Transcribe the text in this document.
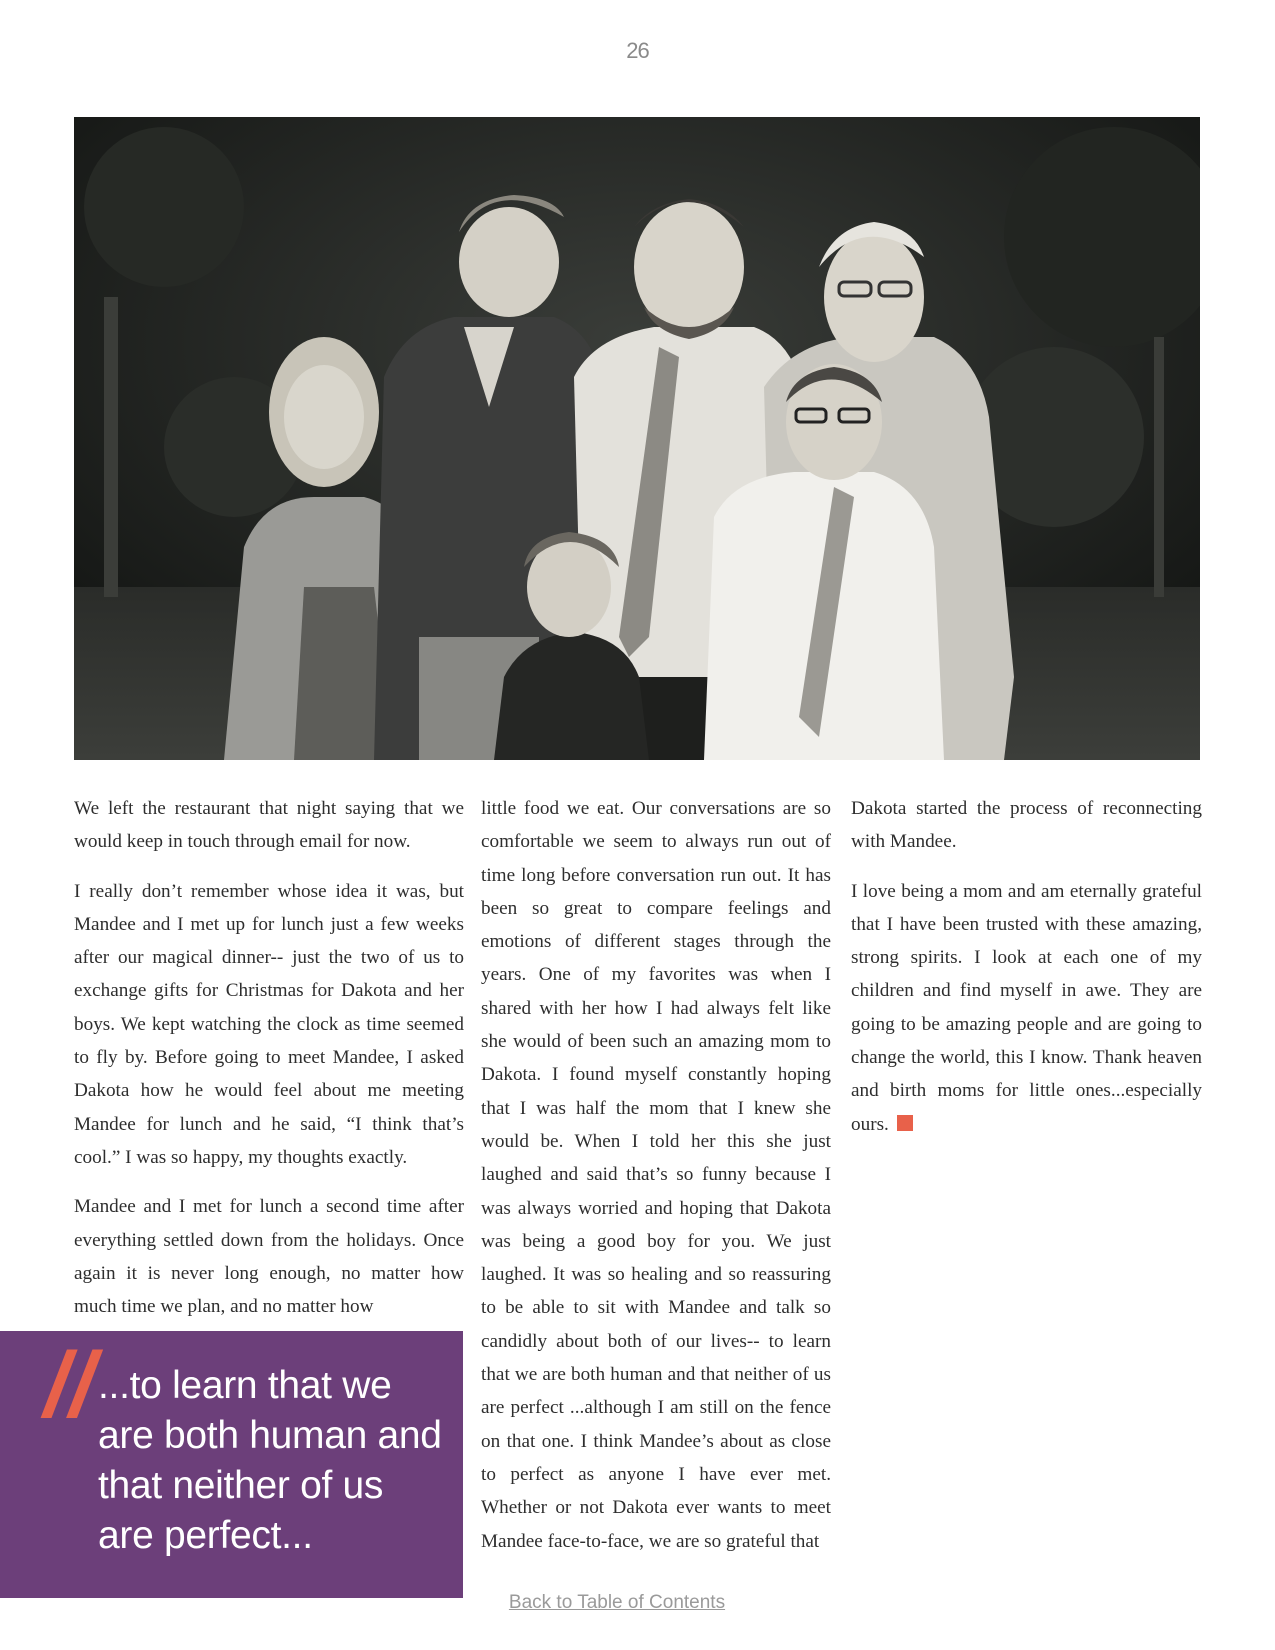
26

We left the restaurant that night saying that we would keep in touch through email for now.

I really don’t remember whose idea it was, but Mandee and I met up for lunch just a few weeks after our magical dinner-- just the two of us to exchange gifts for Christmas for Dakota and her boys. We kept watching the clock as time seemed to fly by. Before going to meet Mandee, I asked Dakota how he would feel about me meeting Mandee for lunch and he said, “I think that’s cool.” I was so happy, my thoughts exactly.

Mandee and I met for lunch a second time after everything settled down from the holidays. Once again it is never long enough, no matter how much time we plan, and no matter how

little food we eat. Our conversations are so comfortable we seem to always run out of time long before conversation run out. It has been so great to compare feelings and emotions of different stages through the years. One of my favorites was when I shared with her how I had always felt like she would of been such an amazing mom to Dakota. I found myself constantly hoping that I was half the mom that I knew she would be. When I told her this she just laughed and said that’s so funny because I was always worried and hoping that Dakota was being a good boy for you. We just laughed. It was so healing and so reassuring to be able to sit with Mandee and talk so candidly about both of our lives-- to learn that we are both human and that neither of us are perfect ...although I am still on the fence on that one. I think Mandee’s about as close to perfect as anyone I have ever met. Whether or not Dakota ever wants to meet Mandee face-to-face, we are so grateful that

Dakota started the process of reconnecting with Mandee.

I love being a mom and am eternally grateful that I have been trusted with these amazing, strong spirits. I look at each one of my children and find myself in awe. They are going to be amazing people and are going to change the world, this I know. Thank heaven and birth moms for little ones...especially ours.

// ...to learn that we are both human and that neither of us are perfect...
Back to Table of Contents
